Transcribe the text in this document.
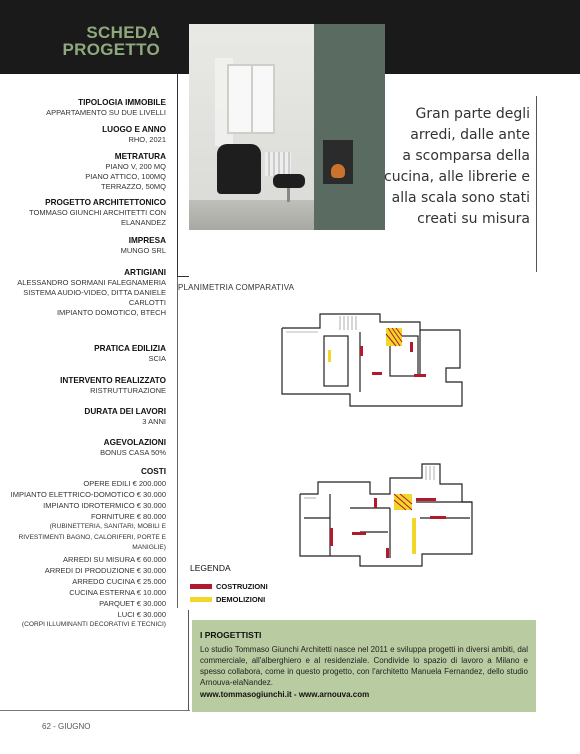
SCHEDA
PROGETTO
Gran parte degli
arredi, dalle ante
a scomparsa della
cucina, alle librerie e
alla scala sono stati
creati su misura
TIPOLOGIA IMMOBILE
APPARTAMENTO SU DUE LIVELLI
LUOGO E ANNO
RHO, 2021
METRATURA
PIANO V, 200 MQ
PIANO ATTICO, 100MQ
TERRAZZO, 50MQ
PROGETTO ARCHITETTONICO
TOMMASO GIUNCHI ARCHITETTI CON
ELANANDEZ
IMPRESA
MUNGO SRL
ARTIGIANI
ALESSANDRO SORMANI FALEGNAMERIA
SISTEMA AUDIO-VIDEO, DITTA DANIELE
CARLOTTI
IMPIANTO DOMOTICO, BTECH
PRATICA EDILIZIA
SCIA
INTERVENTO REALIZZATO
RISTRUTTURAZIONE
DURATA DEI LAVORI
3 ANNI
AGEVOLAZIONI
BONUS CASA 50%
COSTI
OPERE EDILI € 200.000
IMPIANTO ELETTRICO-DOMOTICO € 30.000
IMPIANTO IDROTERMICO € 30.000
FORNITURE € 80.000
(RUBINETTERIA, SANITARI, MOBILI E
RIVESTIMENTI BAGNO, CALORIFERI, PORTE E
MANIGLIE)
ARREDI SU MISURA € 60.000
ARREDI DI PRODUZIONE € 30.000
ARREDO CUCINA € 25.000
CUCINA ESTERNA € 10.000
PARQUET € 30.000
LUCI € 30.000
(CORPI ILLUMINANTI DECORATIVI E TECNICI)
PLANIMETRIA COMPARATIVA
LEGENDA
COSTRUZIONI
DEMOLIZIONI
I PROGETTISTI
Lo studio Tommaso Giunchi Architetti nasce nel 2011 e sviluppa progetti in diversi ambiti, dal commerciale, all'alberghiero e al residenziale. Condivide lo spazio di lavoro a Milano e spesso collabora, come in questo progetto, con l'architetto Manuela Fernandez, dello studio Arnouva-elaNandez.
www.tommasogiunchi.it - www.arnouva.com
62 - GIUGNO
